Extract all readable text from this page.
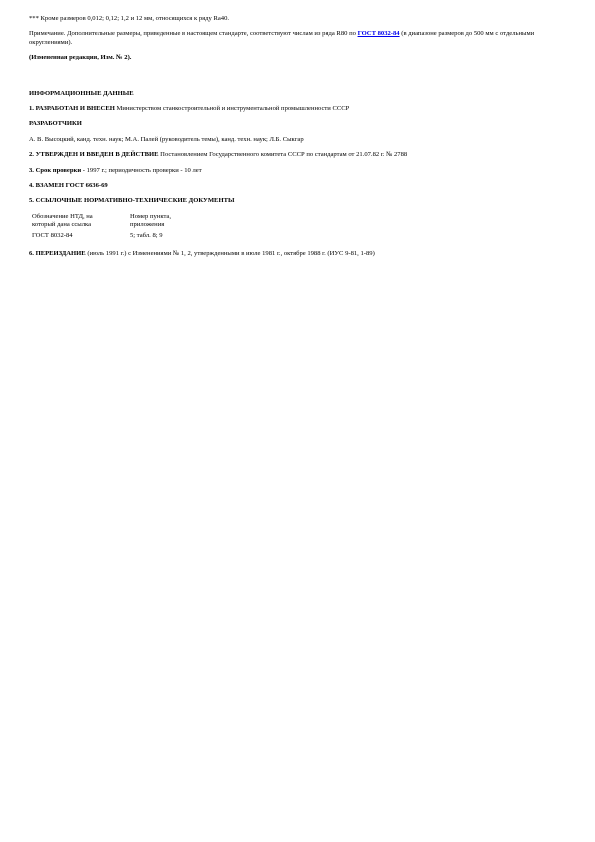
*** Кроме размеров 0,012; 0,12; 1,2 и 12 мм, относящихся к ряду Ra40.

Примечание. Дополнительные размеры, приведенные в настоящем стандарте, соответствуют числам из ряда R80 по ГОСТ 8032-84 (в диапазоне размеров до 500 мм с отдельными округлениями).

(Измененная редакция, Изм. № 2).

ИНФОРМАЦИОННЫЕ ДАННЫЕ

1. РАЗРАБОТАН И ВНЕСЕН Министерством станкостроительной и инструментальной промышленности СССР

РАЗРАБОТЧИКИ

А. В. Высоцкий, канд. техн. наук; М.А. Палей (руководитель темы), канд. техн. наук; Л.Б. Сыкгар

2. УТВЕРЖДЕН И ВВЕДЕН В ДЕЙСТВИЕ Постановлением Государственного комитета СССР по стандартам от 21.07.82 г. № 2788

3. Срок проверки - 1997 г.; периодичность проверки - 10 лет

4. ВЗАМЕН ГОСТ 6636-69

5. ССЫЛОЧНЫЕ НОРМАТИВНО-ТЕХНИЧЕСКИЕ ДОКУМЕНТЫ

Обозначение НТД, на который дана ссылка	Номер пункта, приложения
ГОСТ 8032-84	5; табл. 8; 9

6. ПЕРЕИЗДАНИЕ (июль 1991 г.) с Изменениями № 1, 2, утвержденными в июле 1981 г., октябре 1988 г. (ИУС 9-81, 1-89)
